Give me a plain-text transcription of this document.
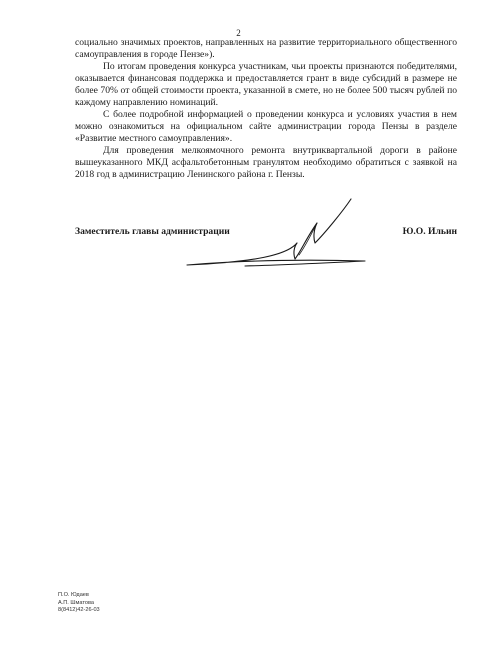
2

социально значимых проектов, направленных на развитие территориального общественного самоуправления в городе Пензе»).

По итогам проведения конкурса участникам, чьи проекты признаются победителями, оказывается финансовая поддержка и предоставляется грант в виде субсидий в размере не более 70% от общей стоимости проекта, указанной в смете, но не более 500 тысяч рублей по каждому направлению номинаций.

С более подробной информацией о проведении конкурса и условиях участия в нем можно ознакомиться на официальном сайте администрации города Пензы в разделе «Развитие местного самоуправления».

Для проведения мелкоямочного ремонта внутриквартальной дороги в районе вышеуказанного МКД асфальтобетонным гранулятом необходимо обратиться с заявкой на 2018 год в администрацию Ленинского района г. Пензы.

Заместитель главы администрации	Ю.О. Ильин
П.О. Юдаев
А.П. Шматова
8(8412)42-26-03
